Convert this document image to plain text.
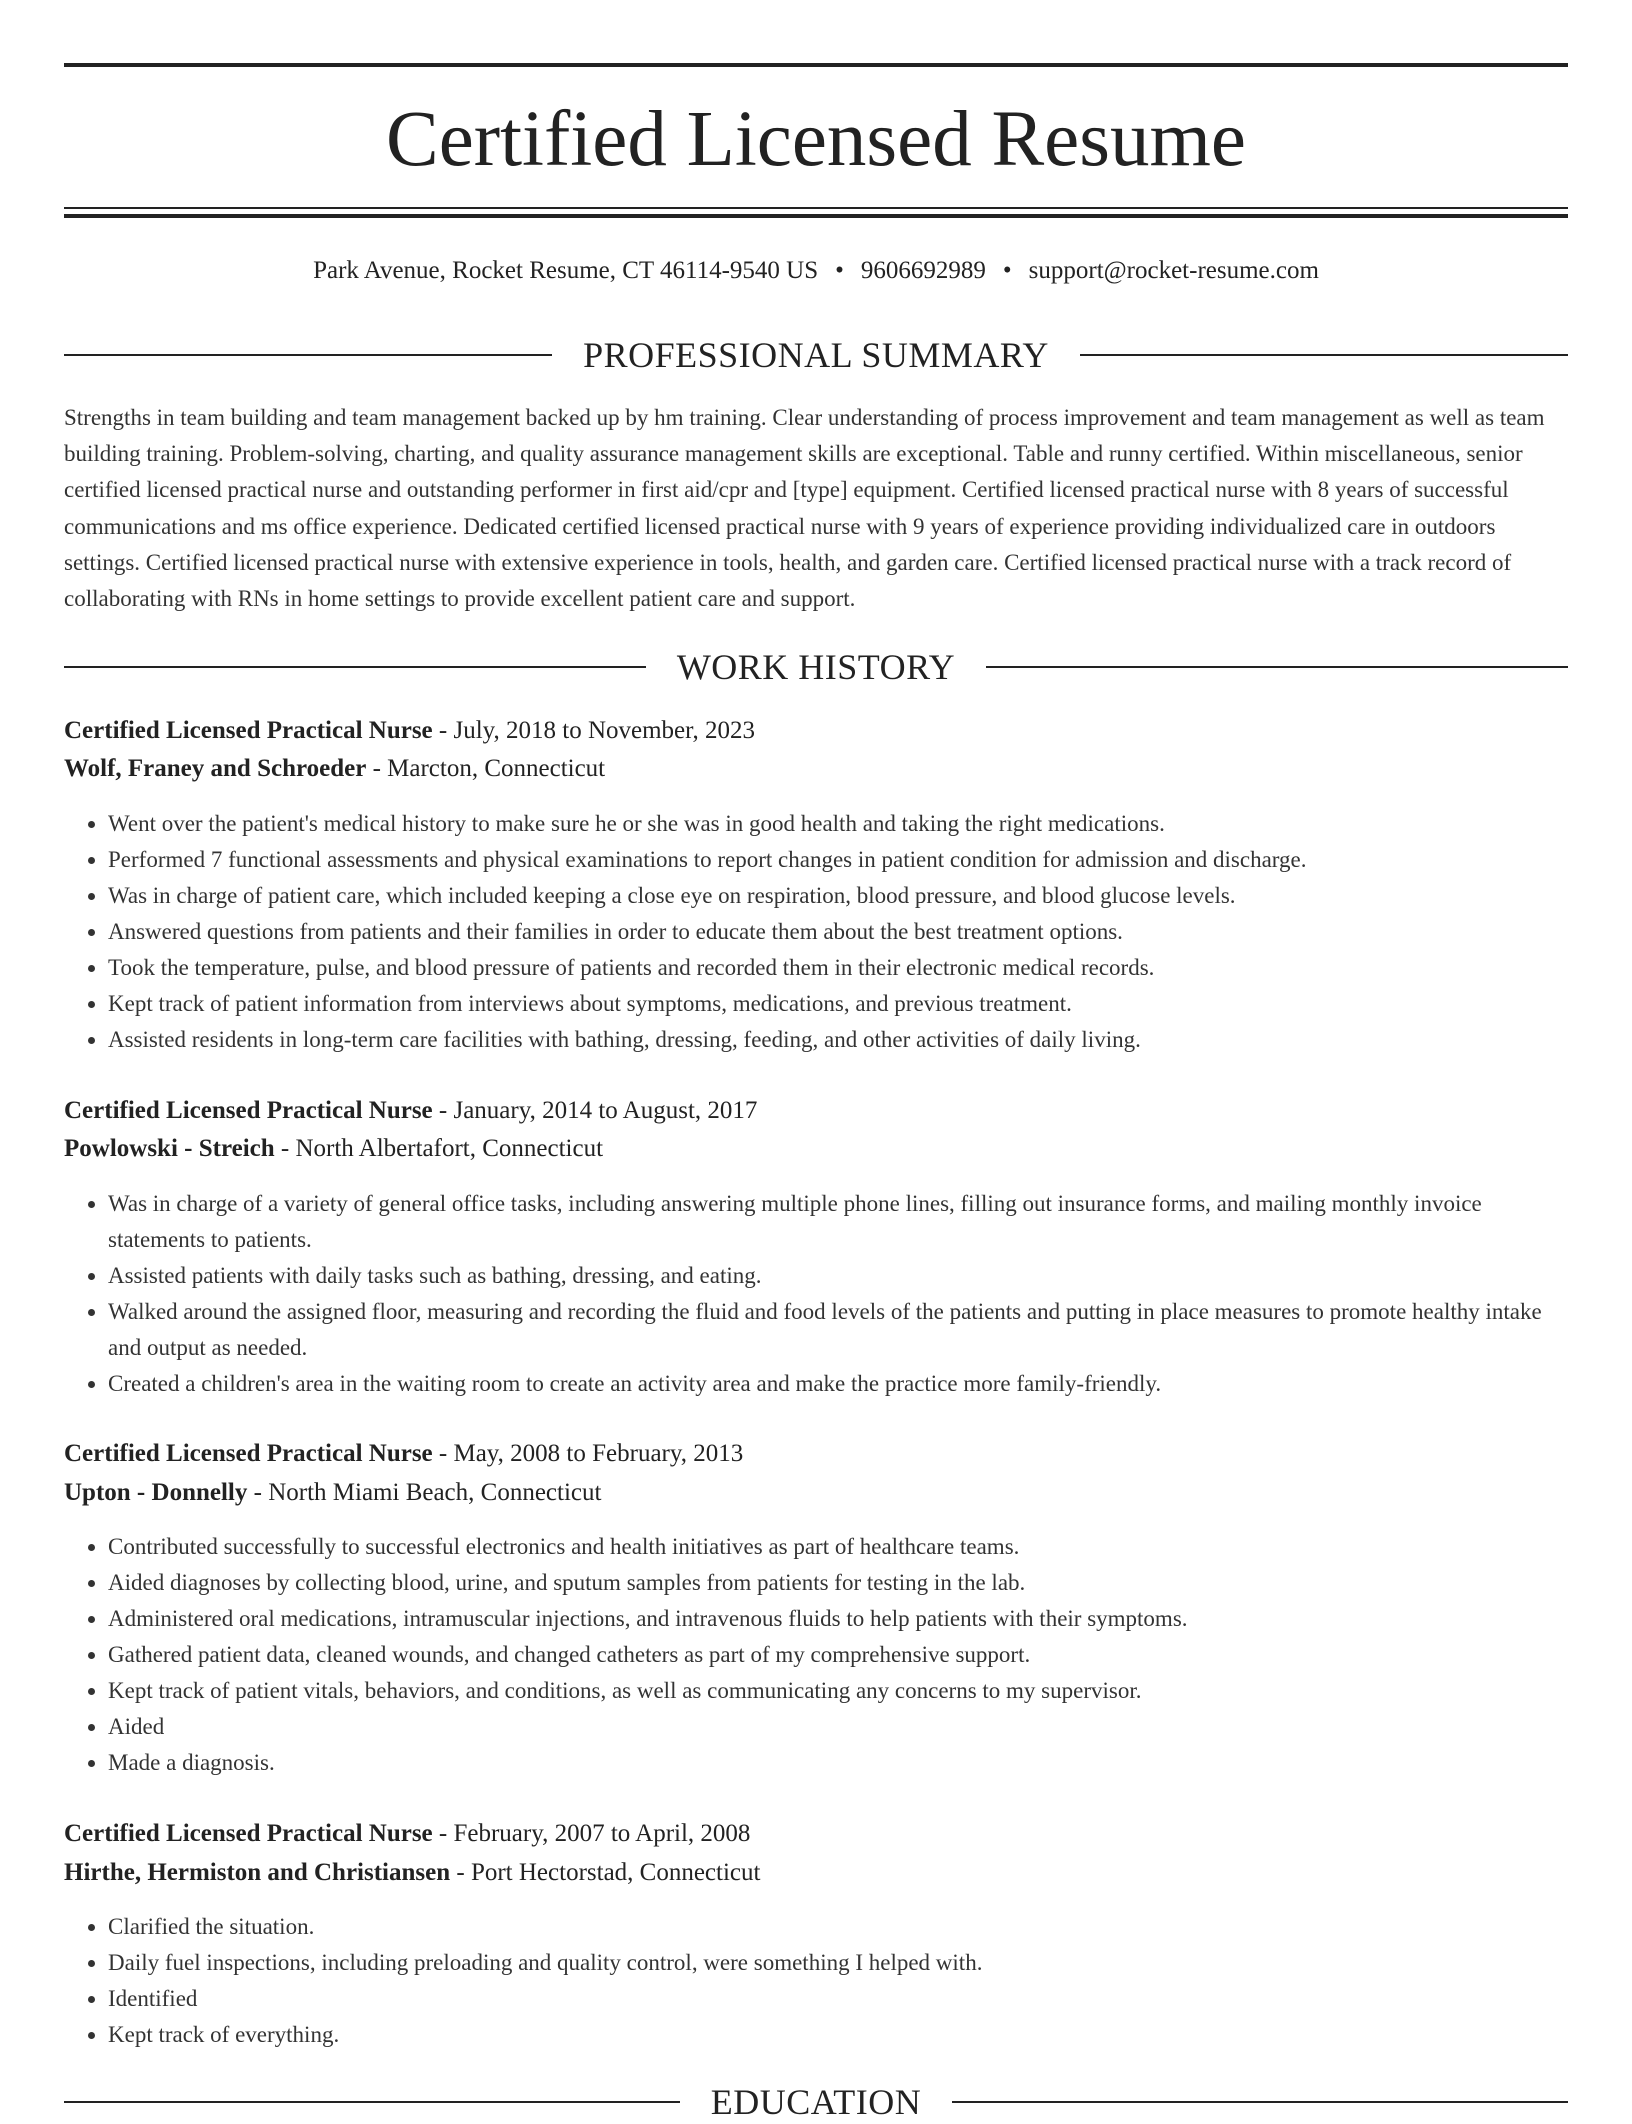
Certified Licensed Resume
Park Avenue, Rocket Resume, CT 46114-9540 US • 9606692989 • support@rocket-resume.com
PROFESSIONAL SUMMARY

Strengths in team building and team management backed up by hm training. Clear understanding of process improvement and team management as well as team building training. Problem-solving, charting, and quality assurance management skills are exceptional. Table and runny certified. Within miscellaneous, senior certified licensed practical nurse and outstanding performer in first aid/cpr and [type] equipment. Certified licensed practical nurse with 8 years of successful communications and ms office experience. Dedicated certified licensed practical nurse with 9 years of experience providing individualized care in outdoors settings. Certified licensed practical nurse with extensive experience in tools, health, and garden care. Certified licensed practical nurse with a track record of collaborating with RNs in home settings to provide excellent patient care and support.

WORK HISTORY
Certified Licensed Practical Nurse - July, 2018 to November, 2023
Wolf, Franey and Schroeder - Marcton, Connecticut
• Went over the patient's medical history to make sure he or she was in good health and taking the right medications.
• Performed 7 functional assessments and physical examinations to report changes in patient condition for admission and discharge.
• Was in charge of patient care, which included keeping a close eye on respiration, blood pressure, and blood glucose levels.
• Answered questions from patients and their families in order to educate them about the best treatment options.
• Took the temperature, pulse, and blood pressure of patients and recorded them in their electronic medical records.
• Kept track of patient information from interviews about symptoms, medications, and previous treatment.
• Assisted residents in long-term care facilities with bathing, dressing, feeding, and other activities of daily living.
Certified Licensed Practical Nurse - January, 2014 to August, 2017
Powlowski - Streich - North Albertafort, Connecticut
• Was in charge of a variety of general office tasks, including answering multiple phone lines, filling out insurance forms, and mailing monthly invoice statements to patients.
• Assisted patients with daily tasks such as bathing, dressing, and eating.
• Walked around the assigned floor, measuring and recording the fluid and food levels of the patients and putting in place measures to promote healthy intake and output as needed.
• Created a children's area in the waiting room to create an activity area and make the practice more family-friendly.
Certified Licensed Practical Nurse - May, 2008 to February, 2013
Upton - Donnelly - North Miami Beach, Connecticut
• Contributed successfully to successful electronics and health initiatives as part of healthcare teams.
• Aided diagnoses by collecting blood, urine, and sputum samples from patients for testing in the lab.
• Administered oral medications, intramuscular injections, and intravenous fluids to help patients with their symptoms.
• Gathered patient data, cleaned wounds, and changed catheters as part of my comprehensive support.
• Kept track of patient vitals, behaviors, and conditions, as well as communicating any concerns to my supervisor.
• Aided
• Made a diagnosis.
Certified Licensed Practical Nurse - February, 2007 to April, 2008
Hirthe, Hermiston and Christiansen - Port Hectorstad, Connecticut
• Clarified the situation.
• Daily fuel inspections, including preloading and quality control, were something I helped with.
• Identified
• Kept track of everything.
EDUCATION
